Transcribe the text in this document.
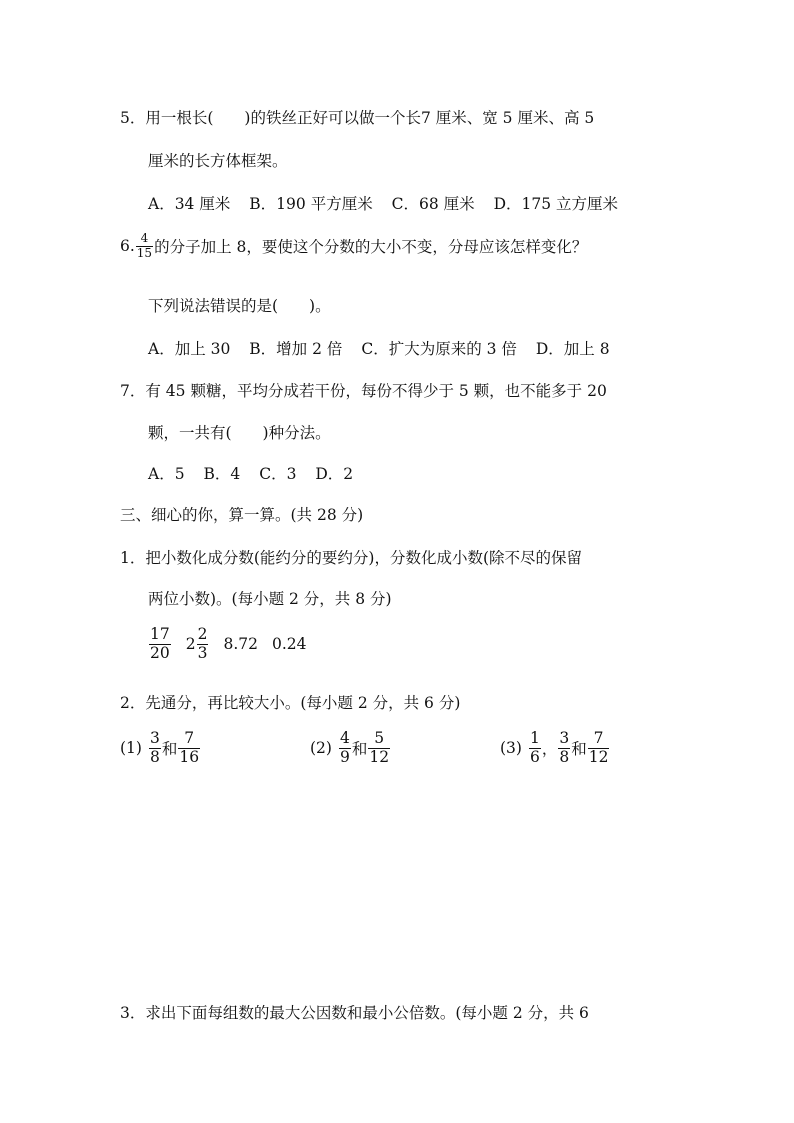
5．用一根长(　　)的铁丝正好可以做一个长7 厘米、宽 5 厘米、高 5
厘米的长方体框架。
A．34 厘米 B．190 平方厘米 C．68 厘米 D．175 立方厘米
6. $\frac{4}{15}$ 的分子加上 8，要使这个分数的大小不变，分母应该怎样变化？
下列说法错误的是(　　)。
A．加上 30 B．增加 2 倍 C．扩大为原来的 3 倍 D．加上 8
7．有 45 颗糖，平均分成若干份，每份不得少于 5 颗，也不能多于 20
颗，一共有(　　)种分法。
A．5 B．4 C．3 D．2
三、细心的你，算一算。(共 28 分)
1．把小数化成分数(能约分的要约分)，分数化成小数(除不尽的保留
两位小数)。(每小题 2 分，共 8 分)
$\frac{17}{20} 2 \frac{2}{3} 8.72$ 0.24
2．先通分，再比较大小。(每小题 2 分，共 6 分)
$(1) \frac{3}{8}$ 和 $\frac{7}{16}$	$(2) \frac{4}{9}$ 和 $\frac{5}{12}$	$(3) \frac{1}{6}$ ， $\frac{3}{8}$ 和 $\frac{7}{12}$
3．求出下面每组数的最大公因数和最小公倍数。(每小题 2 分，共 6
